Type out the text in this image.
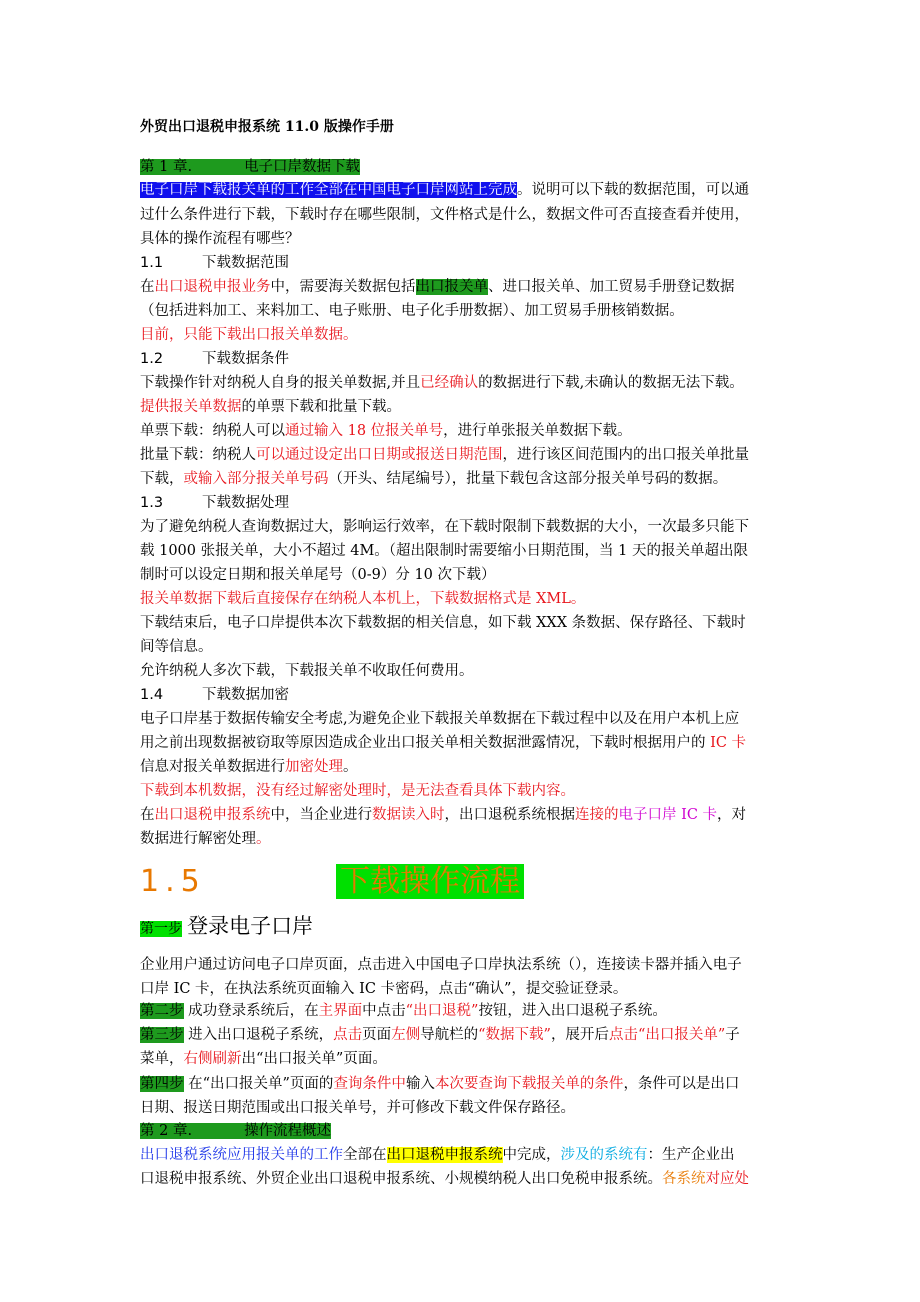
外贸出口退税申报系统 11.0 版操作手册
第 1 章.	电子口岸数据下载
电子口岸下载报关单的工作全部在中国电子口岸网站上完成。说明可以下载的数据范围，可以通
过什么条件进行下载，下载时存在哪些限制，文件格式是什么，数据文件可否直接查看并使用，
具体的操作流程有哪些？
1.1	下载数据范围
在出口退税申报业务中，需要海关数据包括出口报关单、进口报关单、加工贸易手册登记数据
（包括进料加工、来料加工、电子账册、电子化手册数据）、加工贸易手册核销数据。
目前，只能下载出口报关单数据。
1.2	下载数据条件
下载操作针对纳税人自身的报关单数据,并且已经确认的数据进行下载,未确认的数据无法下载。
提供报关单数据的单票下载和批量下载。
单票下载：纳税人可以通过输入 18 位报关单号，进行单张报关单数据下载。
批量下载：纳税人可以通过设定出口日期或报送日期范围，进行该区间范围内的出口报关单批量
下载，或输入部分报关单号码（开头、结尾编号），批量下载包含这部分报关单号码的数据。
1.3	下载数据处理
为了避免纳税人查询数据过大，影响运行效率，在下载时限制下载数据的大小，一次最多只能下
载 1000 张报关单，大小不超过 4M。（超出限制时需要缩小日期范围，当 1 天的报关单超出限
制时可以设定日期和报关单尾号（0-9）分 10 次下载）
报关单数据下载后直接保存在纳税人本机上，下载数据格式是 XML。
下载结束后，电子口岸提供本次下载数据的相关信息，如下载 XXX 条数据、保存路径、下载时
间等信息。
允许纳税人多次下载，下载报关单不收取任何费用。
1.4	下载数据加密
电子口岸基于数据传输安全考虑,为避免企业下载报关单数据在下载过程中以及在用户本机上应
用之前出现数据被窃取等原因造成企业出口报关单相关数据泄露情况，下载时根据用户的 IC 卡
信息对报关单数据进行加密处理。
下载到本机数据，没有经过解密处理时，是无法查看具体下载内容。
在出口退税申报系统中，当企业进行数据读入时，出口退税系统根据连接的电子口岸 IC 卡，对
数据进行解密处理。
1.5	下载操作流程
第一步 登录电子口岸
企业用户通过访问电子口岸页面，点击进入中国电子口岸执法系统（），连接读卡器并插入电子
口岸 IC 卡，在执法系统页面输入 IC 卡密码，点击“确认”，提交验证登录。
第二步 成功登录系统后，在主界面中点击“出口退税”按钮，进入出口退税子系统。
第三步 进入出口退税子系统，点击页面左侧导航栏的“数据下载”，展开后点击“出口报关单”子
菜单，右侧刷新出“出口报关单”页面。
第四步 在“出口报关单”页面的查询条件中输入本次要查询下载报关单的条件，条件可以是出口
日期、报送日期范围或出口报关单号，并可修改下载文件保存路径。
第 2 章.	操作流程概述
出口退税系统应用报关单的工作全部在出口退税申报系统中完成，涉及的系统有：生产企业出
口退税申报系统、外贸企业出口退税申报系统、小规模纳税人出口免税申报系统。各系统对应处
